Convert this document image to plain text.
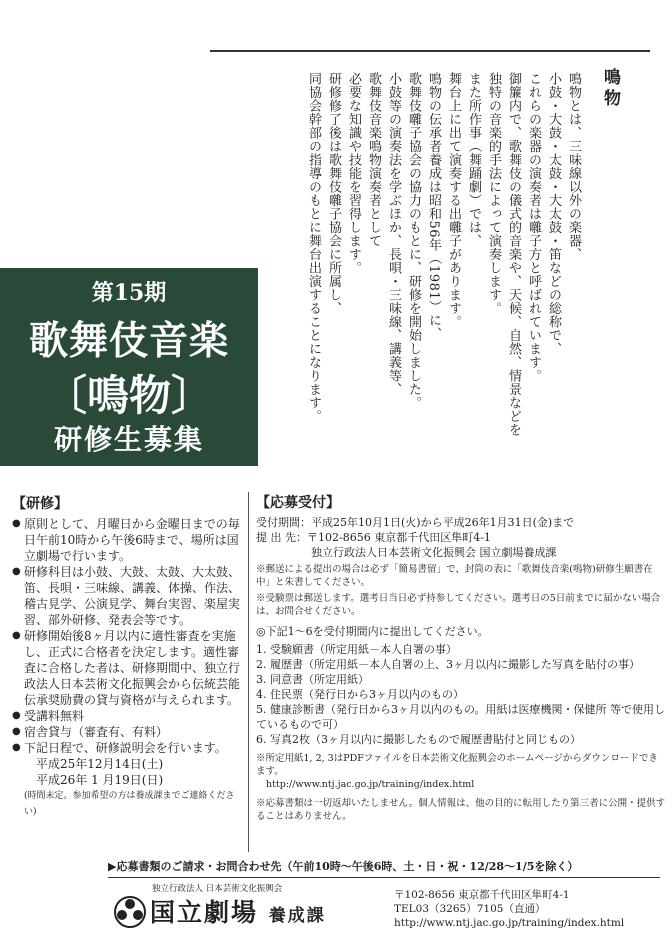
鳴物
鳴物とは、三味線以外の楽器、
小鼓・大鼓・太鼓・大太鼓・笛などの総称で、
これらの楽器の演奏者は囃子方と呼ばれています。
御簾内で、歌舞伎の儀式的音楽や、天候、自然、情景などを
独特の音楽的手法によって演奏します。
また所作事（舞踊劇）では、
舞台上に出て演奏する出囃子があります。
鳴物の伝承者養成は昭和56年（1981）に、
歌舞伎囃子協会の協力のもとに、研修を開始しました。
小鼓等の演奏法を学ぶほか、長唄・三味線、講義等、
歌舞伎音楽鳴物演奏者として
必要な知識や技能を習得します。
研修修了後は歌舞伎囃子協会に所属し、
同協会幹部の指導のもとに舞台出演することになります。
第15期
歌舞伎音楽
〔鳴物〕
研修生募集
【研修】
● 原則として、月曜日から金曜日までの毎日午前10時から午後6時まで、場所は国立劇場で行います。
● 研修科目は小鼓、大鼓、太鼓、大太鼓、笛、長唄・三味線、講義、体操、作法、稽古見学、公演見学、舞台実習、楽屋実習、部外研修、発表会等です。
● 研修開始後8ヶ月以内に適性審査を実施し、正式に合格者を決定します。適性審査に合格した者は、研修期間中、独立行政法人日本芸術文化振興会から伝統芸能伝承奨励費の貸与資格が与えられます。
● 受講料無料
● 宿舎貸与（審査有、有料）
● 下記日程で、研修説明会を行います。
平成25年12月14日(土)
平成26年 1 月19日(日)
(時間未定。参加希望の方は養成課までご連絡ください)
【応募受付】
受付期間：平成25年10月1日(火)から平成26年1月31日(金)まで
提 出 先：〒102-8656 東京都千代田区隼町4-1
独立行政法人日本芸術文化振興会 国立劇場養成課
※郵送による提出の場合は必ず「簡易書留」で、封筒の表に「歌舞伎音楽(鳴物)研修生願書在中」と朱書してください。
※受験票は郵送します。選考日当日必ず持参してください。選考日の5日前までに届かない場合は、お問合せください。
◎下記1〜6を受付期間内に提出してください。
1. 受験願書（所定用紙－本人自署の事）
2. 履歴書（所定用紙－本人自署の上、3ヶ月以内に撮影した写真を貼付の事）
3. 同意書（所定用紙）
4. 住民票（発行日から3ヶ月以内のもの）
5. 健康診断書（発行日から3ヶ月以内のもの。用紙は医療機関・保健所 等で使用しているもので可）
6. 写真2枚（3ヶ月以内に撮影したもので履歴書貼付と同じもの）
※所定用紙1, 2, 3はPDFファイルを日本芸術文化振興会のホームページからダウンロードできます。
http://www.ntj.jac.go.jp/training/index.html
※応募書類は一切返却いたしません。個人情報は、他の目的に転用したり第三者に公開・提供することはありません。
▶応募書類のご請求・お問合わせ先（午前10時〜午後6時、土・日・祝・12/28〜1/5を除く）
独立行政法人 日本芸術文化振興会
国立劇場 養成課
〒102-8656 東京都千代田区隼町4-1
TEL03（3265）7105（直通）
http://www.ntj.jac.go.jp/training/index.html
